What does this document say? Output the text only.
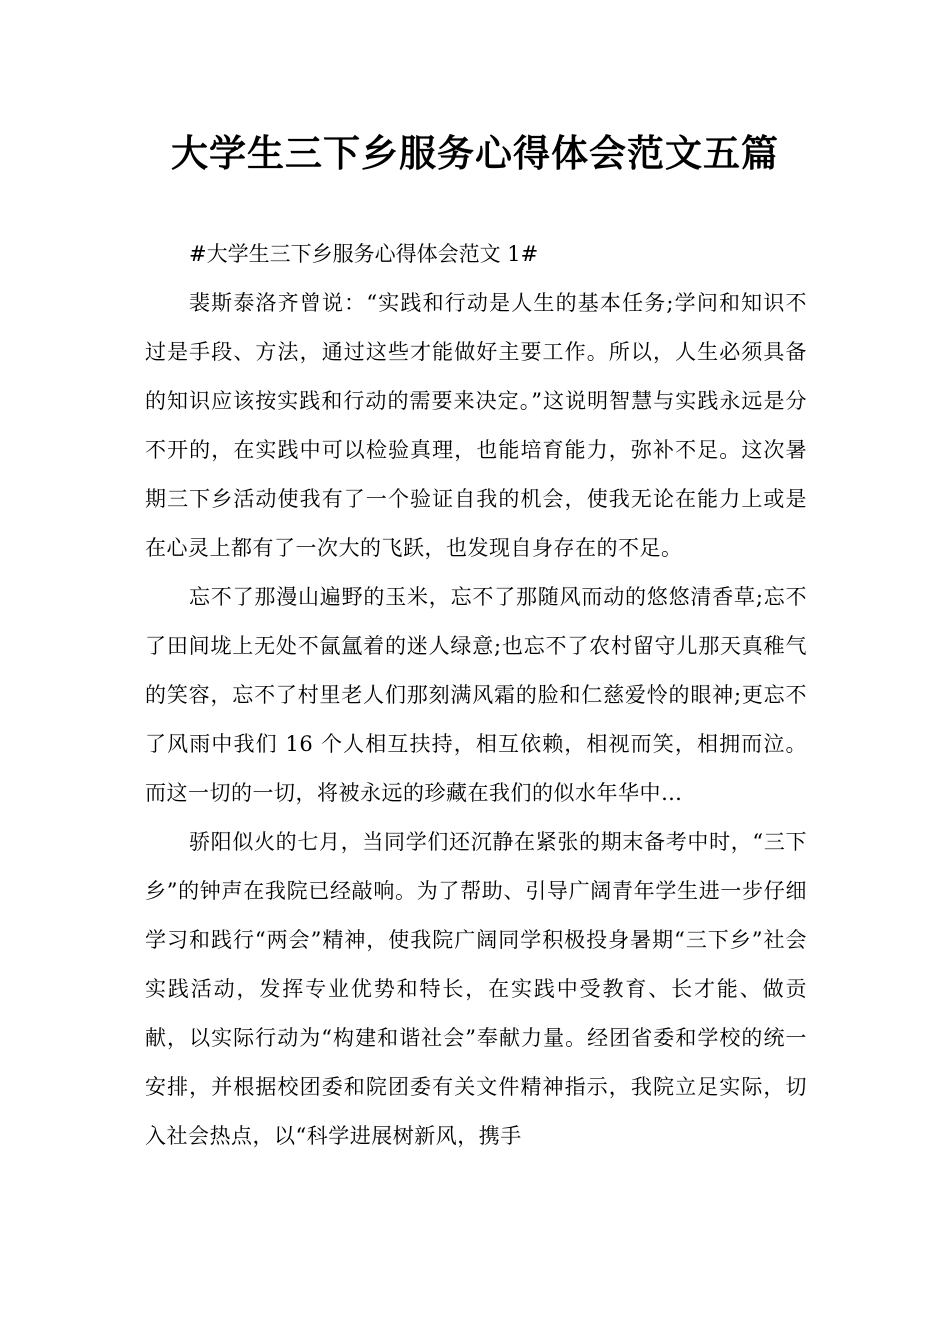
大学生三下乡服务心得体会范文五篇

#大学生三下乡服务心得体会范文 1#

裴斯泰洛齐曾说：“实践和行动是人生的基本任务;学问和知识不过是手段、方法，通过这些才能做好主要工作。所以，人生必须具备的知识应该按实践和行动的需要来决定。”这说明智慧与实践永远是分不开的，在实践中可以检验真理，也能培育能力，弥补不足。这次暑期三下乡活动使我有了一个验证自我的机会，使我无论在能力上或是在心灵上都有了一次大的飞跃，也发现自身存在的不足。

忘不了那漫山遍野的玉米，忘不了那随风而动的悠悠清香草;忘不了田间垅上无处不氤氲着的迷人绿意;也忘不了农村留守儿那天真稚气的笑容，忘不了村里老人们那刻满风霜的脸和仁慈爱怜的眼神;更忘不了风雨中我们 16 个人相互扶持，相互依赖，相视而笑，相拥而泣。而这一切的一切，将被永远的珍藏在我们的似水年华中…

骄阳似火的七月，当同学们还沉静在紧张的期末备考中时，“三下乡”的钟声在我院已经敲响。为了帮助、引导广阔青年学生进一步仔细学习和践行“两会”精神，使我院广阔同学积极投身暑期“三下乡”社会实践活动，发挥专业优势和特长，在实践中受教育、长才能、做贡献，以实际行动为“构建和谐社会”奉献力量。经团省委和学校的统一安排，并根据校团委和院团委有关文件精神指示，我院立足实际，切入社会热点，以“科学进展树新风，携手
